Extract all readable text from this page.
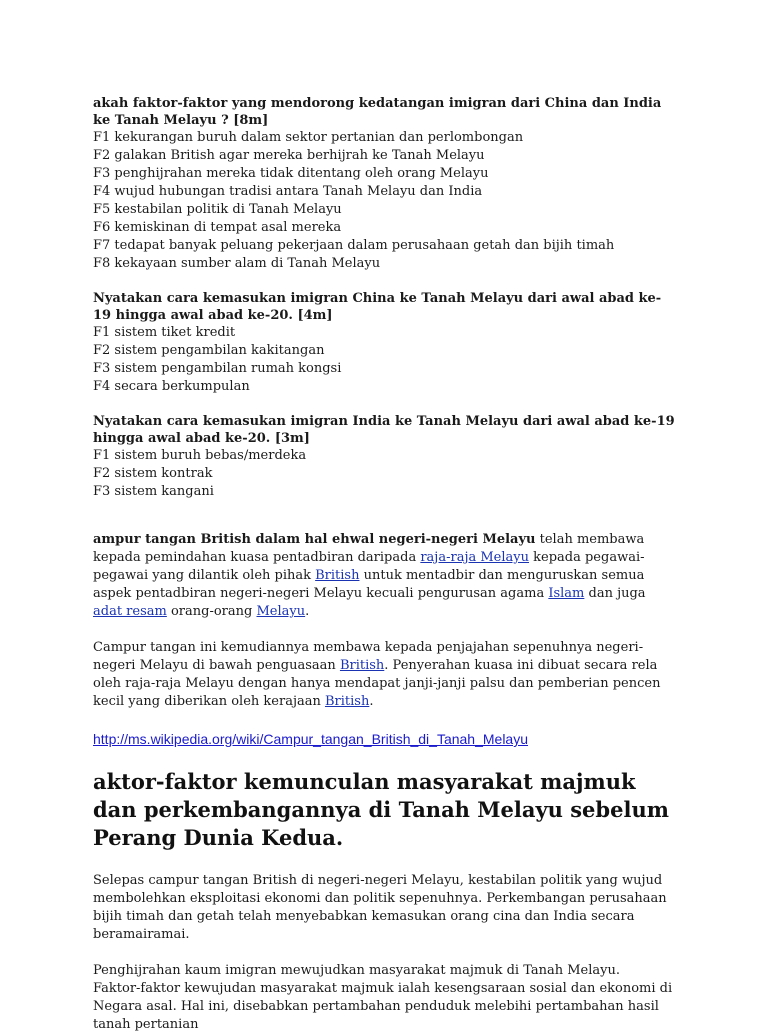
akah faktor-faktor yang mendorong kedatangan imigran dari China dan India ke Tanah Melayu ? [8m]

F1 kekurangan buruh dalam sektor pertanian dan perlombongan

F2 galakan British agar mereka berhijrah ke Tanah Melayu

F3 penghijrahan mereka tidak ditentang oleh orang Melayu

F4 wujud hubungan tradisi antara Tanah Melayu dan India

F5 kestabilan politik di Tanah Melayu

F6 kemiskinan di tempat asal mereka

F7 tedapat banyak peluang pekerjaan dalam perusahaan getah dan bijih timah

F8 kekayaan sumber alam di Tanah Melayu

Nyatakan cara kemasukan imigran China ke Tanah Melayu dari awal abad ke-19 hingga awal abad ke-20. [4m]

F1 sistem tiket kredit

F2 sistem pengambilan kakitangan

F3 sistem pengambilan rumah kongsi

F4 secara berkumpulan

Nyatakan cara kemasukan imigran India ke Tanah Melayu dari awal abad ke-19 hingga awal abad ke-20. [3m]

F1 sistem buruh bebas/merdeka

F2 sistem kontrak

F3 sistem kangani

ampur tangan British dalam hal ehwal negeri-negeri Melayu telah membawa kepada pemindahan kuasa pentadbiran daripada raja-raja Melayu kepada pegawai-pegawai yang dilantik oleh pihak British untuk mentadbir dan menguruskan semua aspek pentadbiran negeri-negeri Melayu kecuali pengurusan agama Islam dan juga adat resam orang-orang Melayu.

Campur tangan ini kemudiannya membawa kepada penjajahan sepenuhnya negeri-negeri Melayu di bawah penguasaan British. Penyerahan kuasa ini dibuat secara rela oleh raja-raja Melayu dengan hanya mendapat janji-janji palsu dan pemberian pencen kecil yang diberikan oleh kerajaan British.

http://ms.wikipedia.org/wiki/Campur_tangan_British_di_Tanah_Melayu

aktor-faktor kemunculan masyarakat majmuk dan perkembangannya di Tanah Melayu sebelum Perang Dunia Kedua.

Selepas campur tangan British di negeri-negeri Melayu, kestabilan politik yang wujud membolehkan eksploitasi ekonomi dan politik sepenuhnya. Perkembangan perusahaan bijih timah dan getah telah menyebabkan kemasukan orang cina dan India secara beramairamai.

Penghijrahan kaum imigran mewujudkan masyarakat majmuk di Tanah Melayu.

Faktor-faktor kewujudan masyarakat majmuk ialah kesengsaraan sosial dan ekonomi di Negara asal. Hal ini, disebabkan pertambahan penduduk melebihi pertambahan hasil tanah pertanian
